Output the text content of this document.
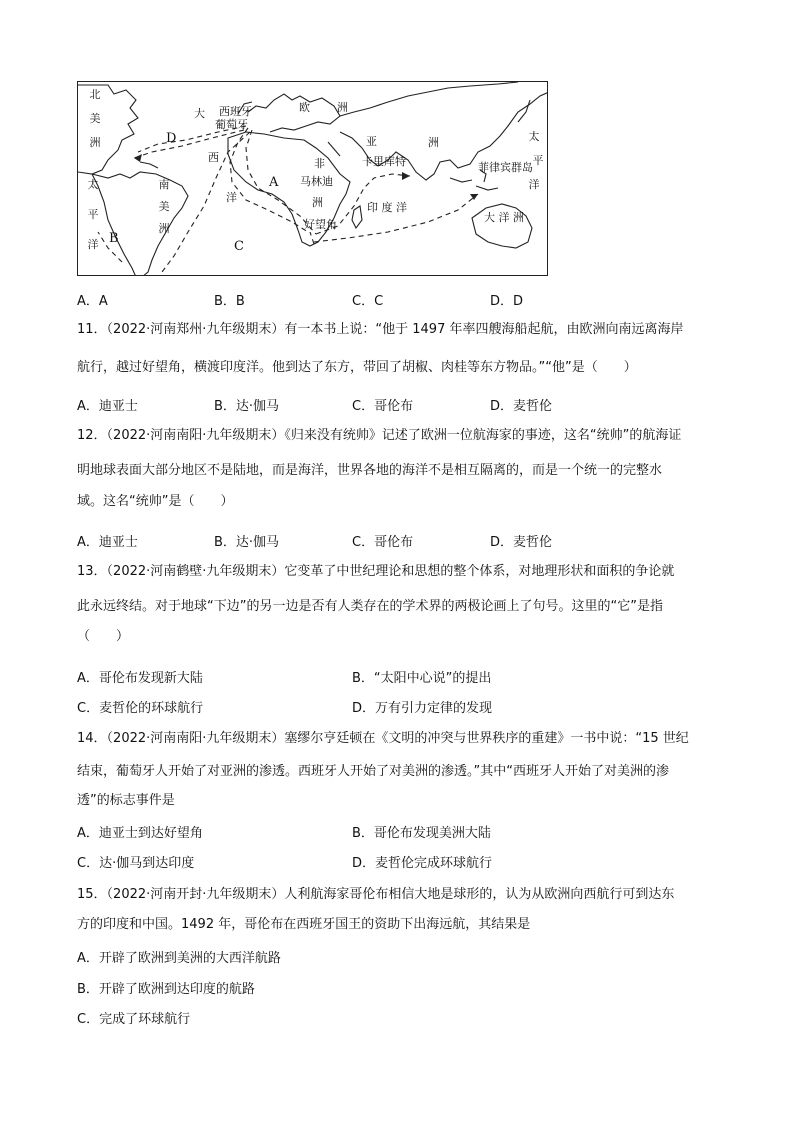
北
美
洲
太
平
洋
南
美
洲
大
西
洋
西班牙
葡萄牙
欧 洲
亚	洲
非
洲
卡里库特
马林迪
好望角
印 度 洋
菲律宾群岛
太
平
洋
大 洋 洲
A
B
C
D
A．A	B．B	C．C	D．D
11．（2022·河南郑州·九年级期末）有一本书上说：“他于 1497 年率四艘海船起航，由欧洲向南远离海岸
航行，越过好望角，横渡印度洋。他到达了东方，带回了胡椒、肉桂等东方物品。”“他”是（　　）
A．迪亚士	B．达·伽马	C．哥伦布	D．麦哲伦
12．（2022·河南南阳·九年级期末）《归来没有统帅》记述了欧洲一位航海家的事迹，这名“统帅”的航海证
明地球表面大部分地区不是陆地，而是海洋，世界各地的海洋不是相互隔离的，而是一个统一的完整水
域。这名“统帅”是（　　）
A．迪亚士	B．达·伽马	C．哥伦布	D．麦哲伦
13．（2022·河南鹤壁·九年级期末）它变革了中世纪理论和思想的整个体系，对地理形状和面积的争论就
此永远终结。对于地球“下边”的另一边是否有人类存在的学术界的两极论画上了句号。这里的“它”是指
（　　）
A．哥伦布发现新大陆	B．“太阳中心说”的提出
C．麦哲伦的环球航行	D．万有引力定律的发现
14．（2022·河南南阳·九年级期末）塞缪尔亨廷顿在《文明的冲突与世界秩序的重建》一书中说：“15 世纪
结束，葡萄牙人开始了对亚洲的渗透。西班牙人开始了对美洲的渗透。”其中“西班牙人开始了对美洲的渗
透”的标志事件是
A．迪亚士到达好望角	B．哥伦布发现美洲大陆
C．达·伽马到达印度	D．麦哲伦完成环球航行
15．（2022·河南开封·九年级期末）人利航海家哥伦布相信大地是球形的，认为从欧洲向西航行可到达东
方的印度和中国。1492 年，哥伦布在西班牙国王的资助下出海远航，其结果是
A．开辟了欧洲到美洲的大西洋航路
B．开辟了欧洲到达印度的航路
C．完成了环球航行
